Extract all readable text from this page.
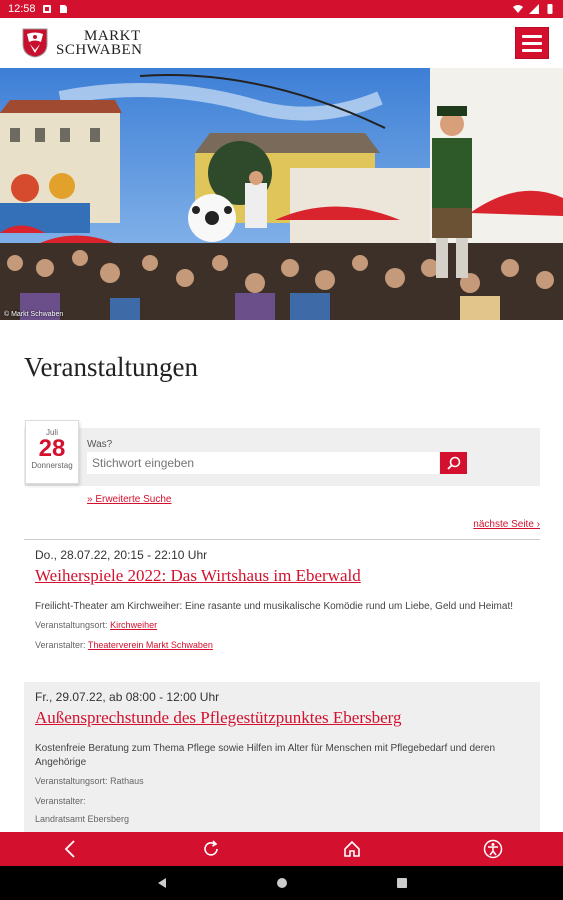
12:58
MARKT
SCHWABEN
© Markt Schwaben
Veranstaltungen
Juli
28
Donnerstag
Was?
Stichwort eingeben
» Erweiterte Suche
nächste Seite ›
Do., 28.07.22, 20:15 - 22:10 Uhr
Weiherspiele 2022: Das Wirtshaus im Eberwald
Freilicht-Theater am Kirchweiher: Eine rasante und musikalische Komödie rund um Liebe, Geld und Heimat!
Veranstaltungsort: Kirchweiher
Veranstalter: Theaterverein Markt Schwaben
Fr., 29.07.22, ab 08:00 - 12:00 Uhr
Außensprechstunde des Pflegestützpunktes Ebersberg
Kostenfreie Beratung zum Thema Pflege sowie Hilfen im Alter für Menschen mit Pflegebedarf und deren Angehörige
Veranstaltungsort: Rathaus
Veranstalter:
Landratsamt Ebersberg
